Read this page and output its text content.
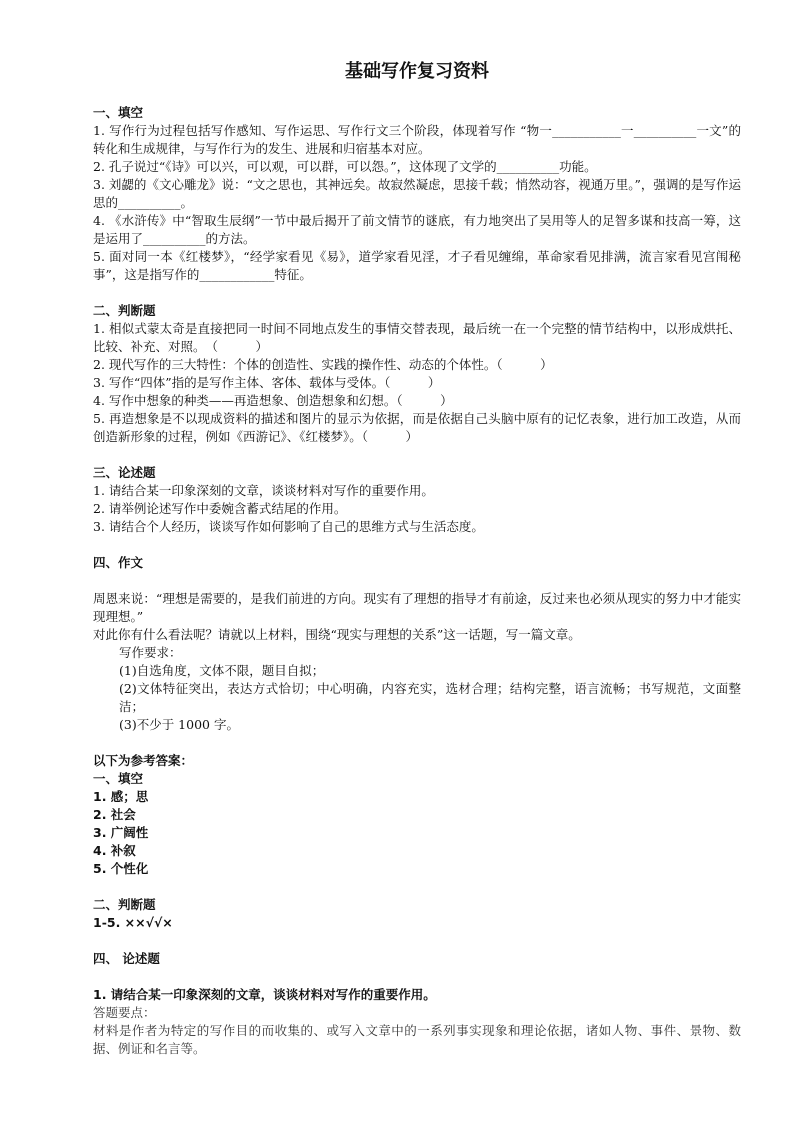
基础写作复习资料
一、填空
1. 写作行为过程包括写作感知、写作运思、写作行文三个阶段，体现着写作 “物一___________一__________一文”的转化和生成规律，与写作行为的发生、进展和归宿基本对应。
2. 孔子说过“《诗》可以兴，可以观，可以群，可以怨。”，这体现了文学的__________功能。
3. 刘勰的《文心雕龙》说：“文之思也，其神远矣。故寂然凝虑，思接千载；悄然动容，视通万里。”，强调的是写作运思的__________。
4. 《水浒传》中“智取生辰纲”一节中最后揭开了前文情节的谜底，有力地突出了吴用等人的足智多谋和技高一筹，这是运用了__________的方法。
5. 面对同一本《红楼梦》，“经学家看见《易》，道学家看见淫，才子看见缠绵，革命家看见排满，流言家看见宫闱秘事”，这是指写作的____________特征。
二、判断题
1. 相似式蒙太奇是直接把同一时间不同地点发生的事情交替表现，最后统一在一个完整的情节结构中，以形成烘托、比较、补充、对照。　（　　　）
2. 现代写作的三大特性：个体的创造性、实践的操作性、动态的个体性。（　　　）
3. 写作“四体”指的是写作主体、客体、载体与受体。（　　　）
4. 写作中想象的种类——再造想象、创造想象和幻想。（　　　）
5. 再造想象是不以现成资料的描述和图片的显示为依据，而是依据自己头脑中原有的记忆表象，进行加工改造，从而创造新形象的过程，例如《西游记》、《红楼梦》。（　　　）
三、论述题
1. 请结合某一印象深刻的文章，谈谈材料对写作的重要作用。
2. 请举例论述写作中委婉含蓄式结尾的作用。
3. 请结合个人经历，谈谈写作如何影响了自己的思维方式与生活态度。
四、作文
周恩来说：“理想是需要的，是我们前进的方向。现实有了理想的指导才有前途，反过来也必须从现实的努力中才能实现理想。”
对此你有什么看法呢？请就以上材料，围绕“现实与理想的关系”这一话题，写一篇文章。
写作要求：
(1)自选角度，文体不限，题目自拟；
(2)文体特征突出，表达方式恰切；中心明确，内容充实，选材合理；结构完整，语言流畅；书写规范，文面整洁；
(3)不少于 1000 字。
以下为参考答案：
一、填空
1. 感；思
2. 社会
3. 广阔性
4. 补叙
5. 个性化
二、判断题
1-5. ××√√×
四、 论述题
1. 请结合某一印象深刻的文章，谈谈材料对写作的重要作用。
答题要点：
材料是作者为特定的写作目的而收集的、或写入文章中的一系列事实现象和理论依据，诸如人物、事件、景物、数据、例证和名言等。
